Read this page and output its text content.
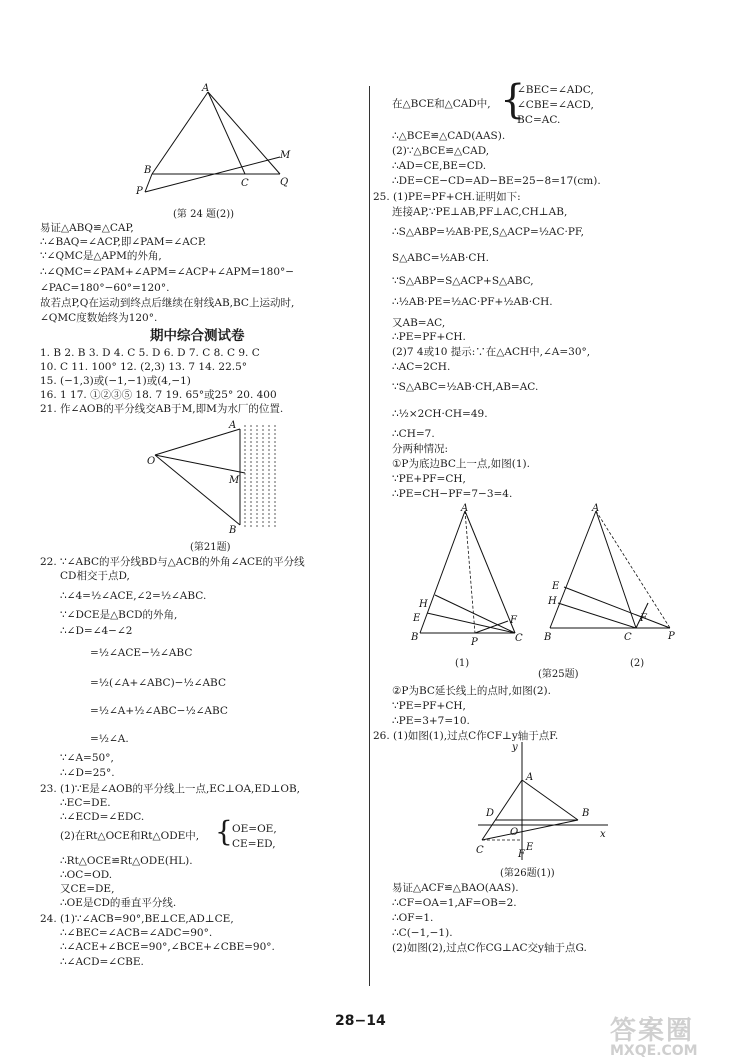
A
B
P
C
M
Q
(第 24 题(2))
易证△ABQ≌△CAP,
∴∠BAQ=∠ACP,即∠PAM=∠ACP.
∵∠QMC是△APM的外角,
∴∠QMC=∠PAM+∠APM=∠ACP+∠APM=180°−
∠PAC=180°−60°=120°.
故若点P,Q在运动到终点后继续在射线AB,BC上运动时,
∠QMC度数始终为120°.
期中综合测试卷
1. B 2. B 3. D 4. C 5. D 6. D 7. C 8. C 9. C
10. C 11. 100° 12. (2,3) 13. 7 14. 22.5°
15. (−1,3)或(−1,−1)或(4,−1)
16. 1 17. ①②③⑤ 18. 7 19. 65°或25° 20. 400
21. 作∠AOB的平分线交AB于M,即M为水厂的位置.
A
O
M
B
(第21题)
22. ∵∠ABC的平分线BD与△ACB的外角∠ACE的平分线
CD相交于点D,
∴∠4=½∠ACE,∠2=½∠ABC.
∵∠DCE是△BCD的外角,
∴∠D=∠4−∠2
=½∠ACE−½∠ABC
=½(∠A+∠ABC)−½∠ABC
=½∠A+½∠ABC−½∠ABC
=½∠A.
∵∠A=50°,
∴∠D=25°.
23. (1)∵E是∠AOB的平分线上一点,EC⊥OA,ED⊥OB,
∴EC=DE.
∴∠ECD=∠EDC.
(2)在Rt△OCE和Rt△ODE中, { OE=OE,
CE=ED,
∴Rt△OCE≌Rt△ODE(HL).
∴OC=OD.
又CE=DE,
∴OE是CD的垂直平分线.
24. (1)∵∠ACB=90°,BE⊥CE,AD⊥CE,
∴∠BEC=∠ACB=∠ADC=90°.
∴∠ACE+∠BCE=90°,∠BCE+∠CBE=90°.
∴∠ACD=∠CBE.
在△BCE和△CAD中, {
∠BEC=∠ADC,
∠CBE=∠ACD,
BC=AC.
∴△BCE≌△CAD(AAS).
(2)∵△BCE≌△CAD,
∴AD=CE,BE=CD.
∴DE=CE−CD=AD−BE=25−8=17(cm).
25. (1)PE=PF+CH.证明如下:
连接AP,∵PE⊥AB,PF⊥AC,CH⊥AB,
∴S△ABP=½AB·PE,S△ACP=½AC·PF,
S△ABC=½AB·CH.
∵S△ABP=S△ACP+S△ABC,
∴½AB·PE=½AC·PF+½AB·CH.
又AB=AC,
∴PE=PF+CH.
(2)7 4或10 提示:∵在△ACH中,∠A=30°,
∴AC=2CH.
∵S△ABC=½AB·CH,AB=AC.
∴½×2CH·CH=49.
∴CH=7.
分两种情况:
①P为底边BC上一点,如图(1).
∵PE+PF=CH,
∴PE=CH−PF=7−3=4.
A
H
E
B	P	C
F
A
E
H
B	C
F
P
(1)
(第25题)
(2)
②P为BC延长线上的点时,如图(2).
∵PE=PF+CH,
∴PE=3+7=10.
26. (1)如图(1),过点C作CF⊥y轴于点F.
y
A
D	B
O	x
E
C	F
(第26题(1))
易证△ACF≌△BAO(AAS).
∴CF=OA=1,AF=OB=2.
∴OF=1.
∴C(−1,−1).
(2)如图(2),过点C作CG⊥AC交y轴于点G.
28−14	答案圈
MXQE.COM
